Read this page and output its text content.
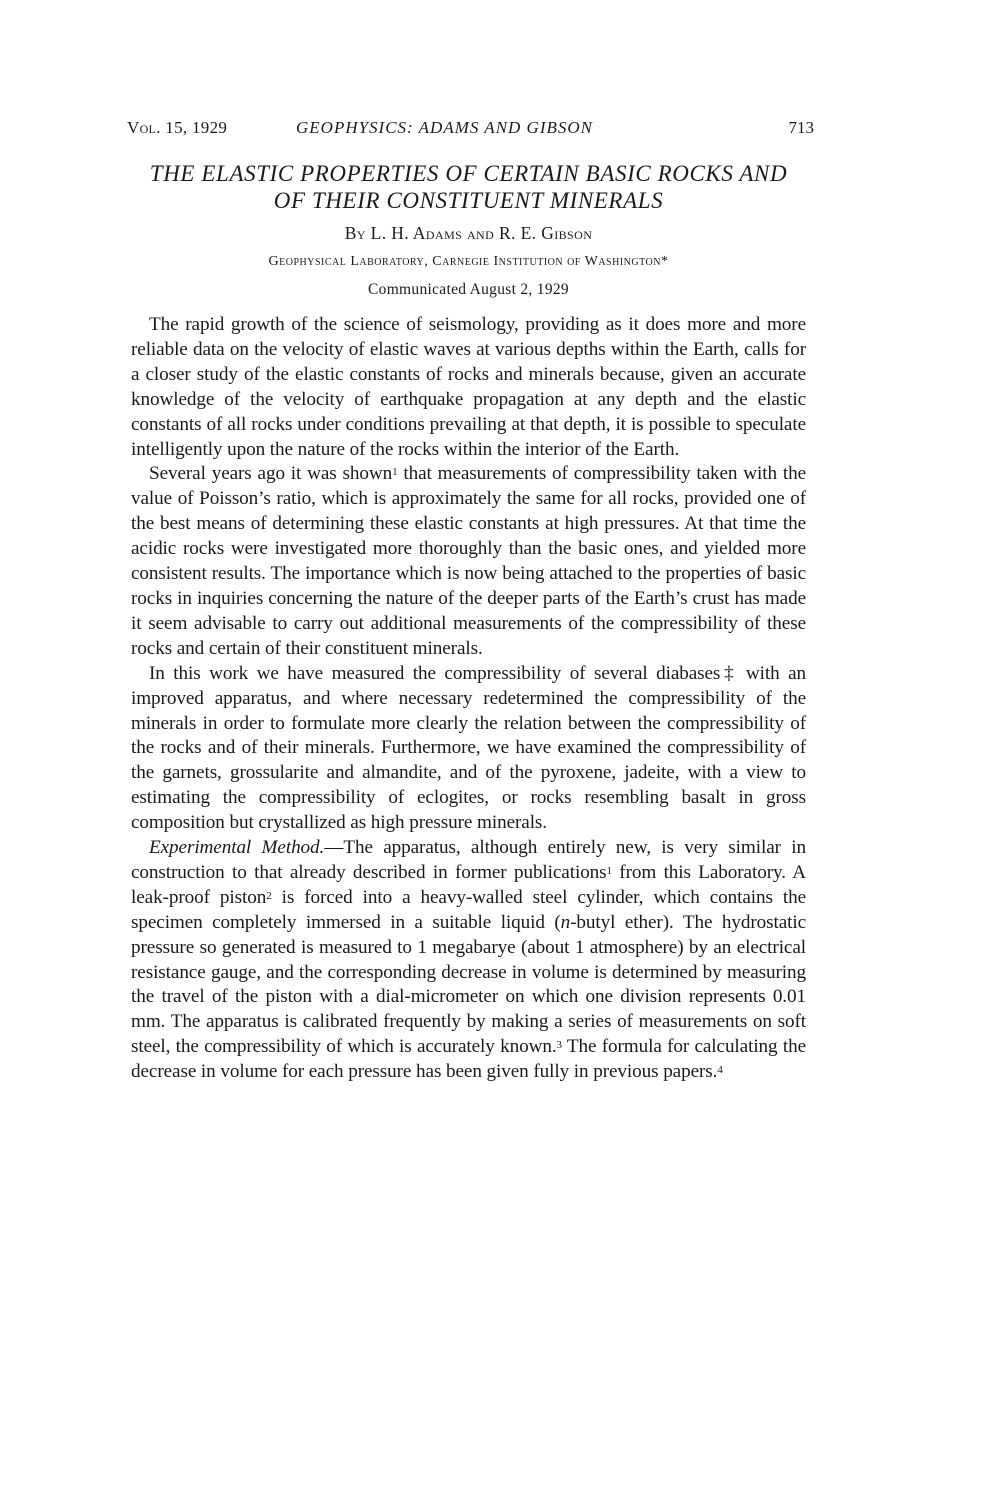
Vol. 15, 1929	GEOPHYSICS: ADAMS AND GIBSON	713
THE ELASTIC PROPERTIES OF CERTAIN BASIC ROCKS AND
OF THEIR CONSTITUENT MINERALS
By L. H. Adams and R. E. Gibson
Geophysical Laboratory, Carnegie Institution of Washington*
Communicated August 2, 1929

The rapid growth of the science of seismology, providing as it does more and more reliable data on the velocity of elastic waves at various depths within the Earth, calls for a closer study of the elastic constants of rocks and minerals because, given an accurate knowledge of the velocity of earthquake propagation at any depth and the elastic constants of all rocks under conditions prevailing at that depth, it is possible to speculate intelligently upon the nature of the rocks within the interior of the Earth.

Several years ago it was shown$^1$ that measurements of compressibility taken with the value of Poisson’s ratio, which is approximately the same for all rocks, provided one of the best means of determining these elastic constants at high pressures. At that time the acidic rocks were investigated more thoroughly than the basic ones, and yielded more consistent results. The importance which is now being attached to the properties of basic rocks in inquiries concerning the nature of the deeper parts of the Earth’s crust has made it seem advisable to carry out additional measurements of the compressibility of these rocks and certain of their constituent minerals.

In this work we have measured the compressibility of several diabases‡ with an improved apparatus, and where necessary redetermined the compressibility of the minerals in order to formulate more clearly the relation between the compressibility of the rocks and of their minerals. Furthermore, we have examined the compressibility of the garnets, grossularite and almandite, and of the pyroxene, jadeite, with a view to estimating the compressibility of eclogites, or rocks resembling basalt in gross composition but crystallized as high pressure minerals.

Experimental Method.—The apparatus, although entirely new, is very similar in construction to that already described in former publications$^1$ from this Laboratory. A leak-proof piston$^2$ is forced into a heavy-walled steel cylinder, which contains the specimen completely immersed in a suitable liquid (n-butyl ether). The hydrostatic pressure so generated is measured to 1 megabarye (about 1 atmosphere) by an electrical resistance gauge, and the corresponding decrease in volume is determined by measuring the travel of the piston with a dial-micrometer on which one division represents 0.01 mm. The apparatus is calibrated frequently by making a series of measurements on soft steel, the compressibility of which is accurately known.$^3$ The formula for calculating the decrease in volume for each pressure has been given fully in previous papers.$^4$
